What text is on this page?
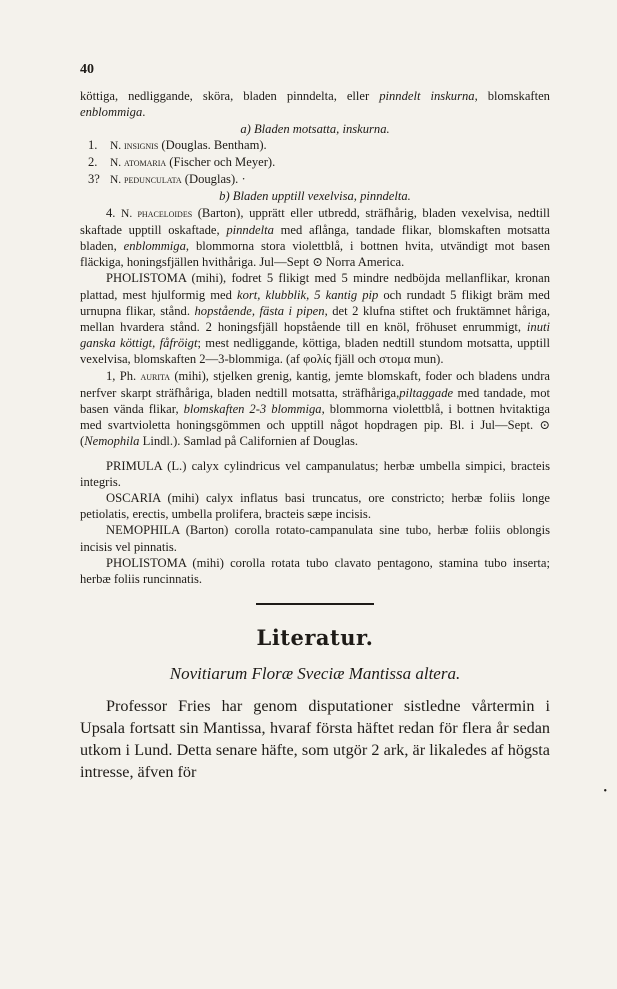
40

köttiga, nedliggande, sköra, bladen pinndelta, eller pinndelt inskurna, blomskaften enblommiga.

a) Bladen motsatta, inskurna.

1. N. insignis (Douglas. Bentham).

2. N. atomaria (Fischer och Meyer).

3? N. pedunculata (Douglas). ·

b) Bladen upptill vexelvisa, pinndelta.

4. N. phaceloides (Barton), upprätt eller utbredd, sträfhårig, bladen vexelvisa, nedtill skaftade upptill oskaftade, pinndelta med aflånga, tandade flikar, blomskaften motsatta bladen, enblommiga, blommorna stora violettblå, i bottnen hvita, utvändigt mot basen fläckiga, honingsfjällen hvithåriga. Jul—Sept ⊙ Norra America.

PHOLISTOMA (mihi), fodret 5 flikigt med 5 mindre nedböjda mellanflikar, kronan plattad, mest hjulformig med kort, klubblik, 5 kantig pip och rundadt 5 flikigt bräm med urnupna flikar, stånd. hopstående, fästa i pipen, det 2 klufna stiftet och fruktämnet håriga, mellan hvardera stånd. 2 honingsfjäll hopstående till en knöl, fröhuset enrummigt, inuti ganska köttigt, fåfröigt; mest nedliggande, köttiga, bladen nedtill stundom motsatta, upptill vexelvisa, blomskaften 2—3-blommiga. (af φολίς fjäll och στομα mun).

1, Ph. aurita (mihi), stjelken grenig, kantig, jemte blomskaft, foder och bladens undra nerfver skarpt sträfhåriga, bladen nedtill motsatta, sträfhåriga,piltaggade med tandade, mot basen vända flikar, blomskaften 2-3 blommiga, blommorna violettblå, i bottnen hvitaktiga med svartviolettа honingsgömmen och upptill något hopdragen pip. Bl. i Jul—Sept. ⊙ (Nemophila Lindl.). Samlad på Californien af Douglas.

PRIMULA (L.) calyx cylindricus vel campanulatus; herbæ umbella simpici, bracteis integris.

OSCARIA (mihi) calyx inflatus basi truncatus, ore constricto; herbæ foliis longe petiolatis, erectis, umbella prolifera, bracteis sæpe incisis.

NEMOPHILA (Barton) corolla rotato-campanulata sine tubo, herbæ foliis oblongis incisis vel pinnatis.

PHOLISTOMA (mihi) corolla rotata tubo clavato pentagono, stamina tubo inserta; herbæ foliis runcinnatis.

Literatur.
Novitiarum Floræ Sveciæ Mantissa altera.

Professor Fries har genom disputationer sistledne vårtermin i Upsala fortsatt sin Mantissa, hvaraf första häftet redan för flera år sedan utkom i Lund. Detta senare häfte, som utgör 2 ark, är likaledes af högsta intresse, äfven för

•
